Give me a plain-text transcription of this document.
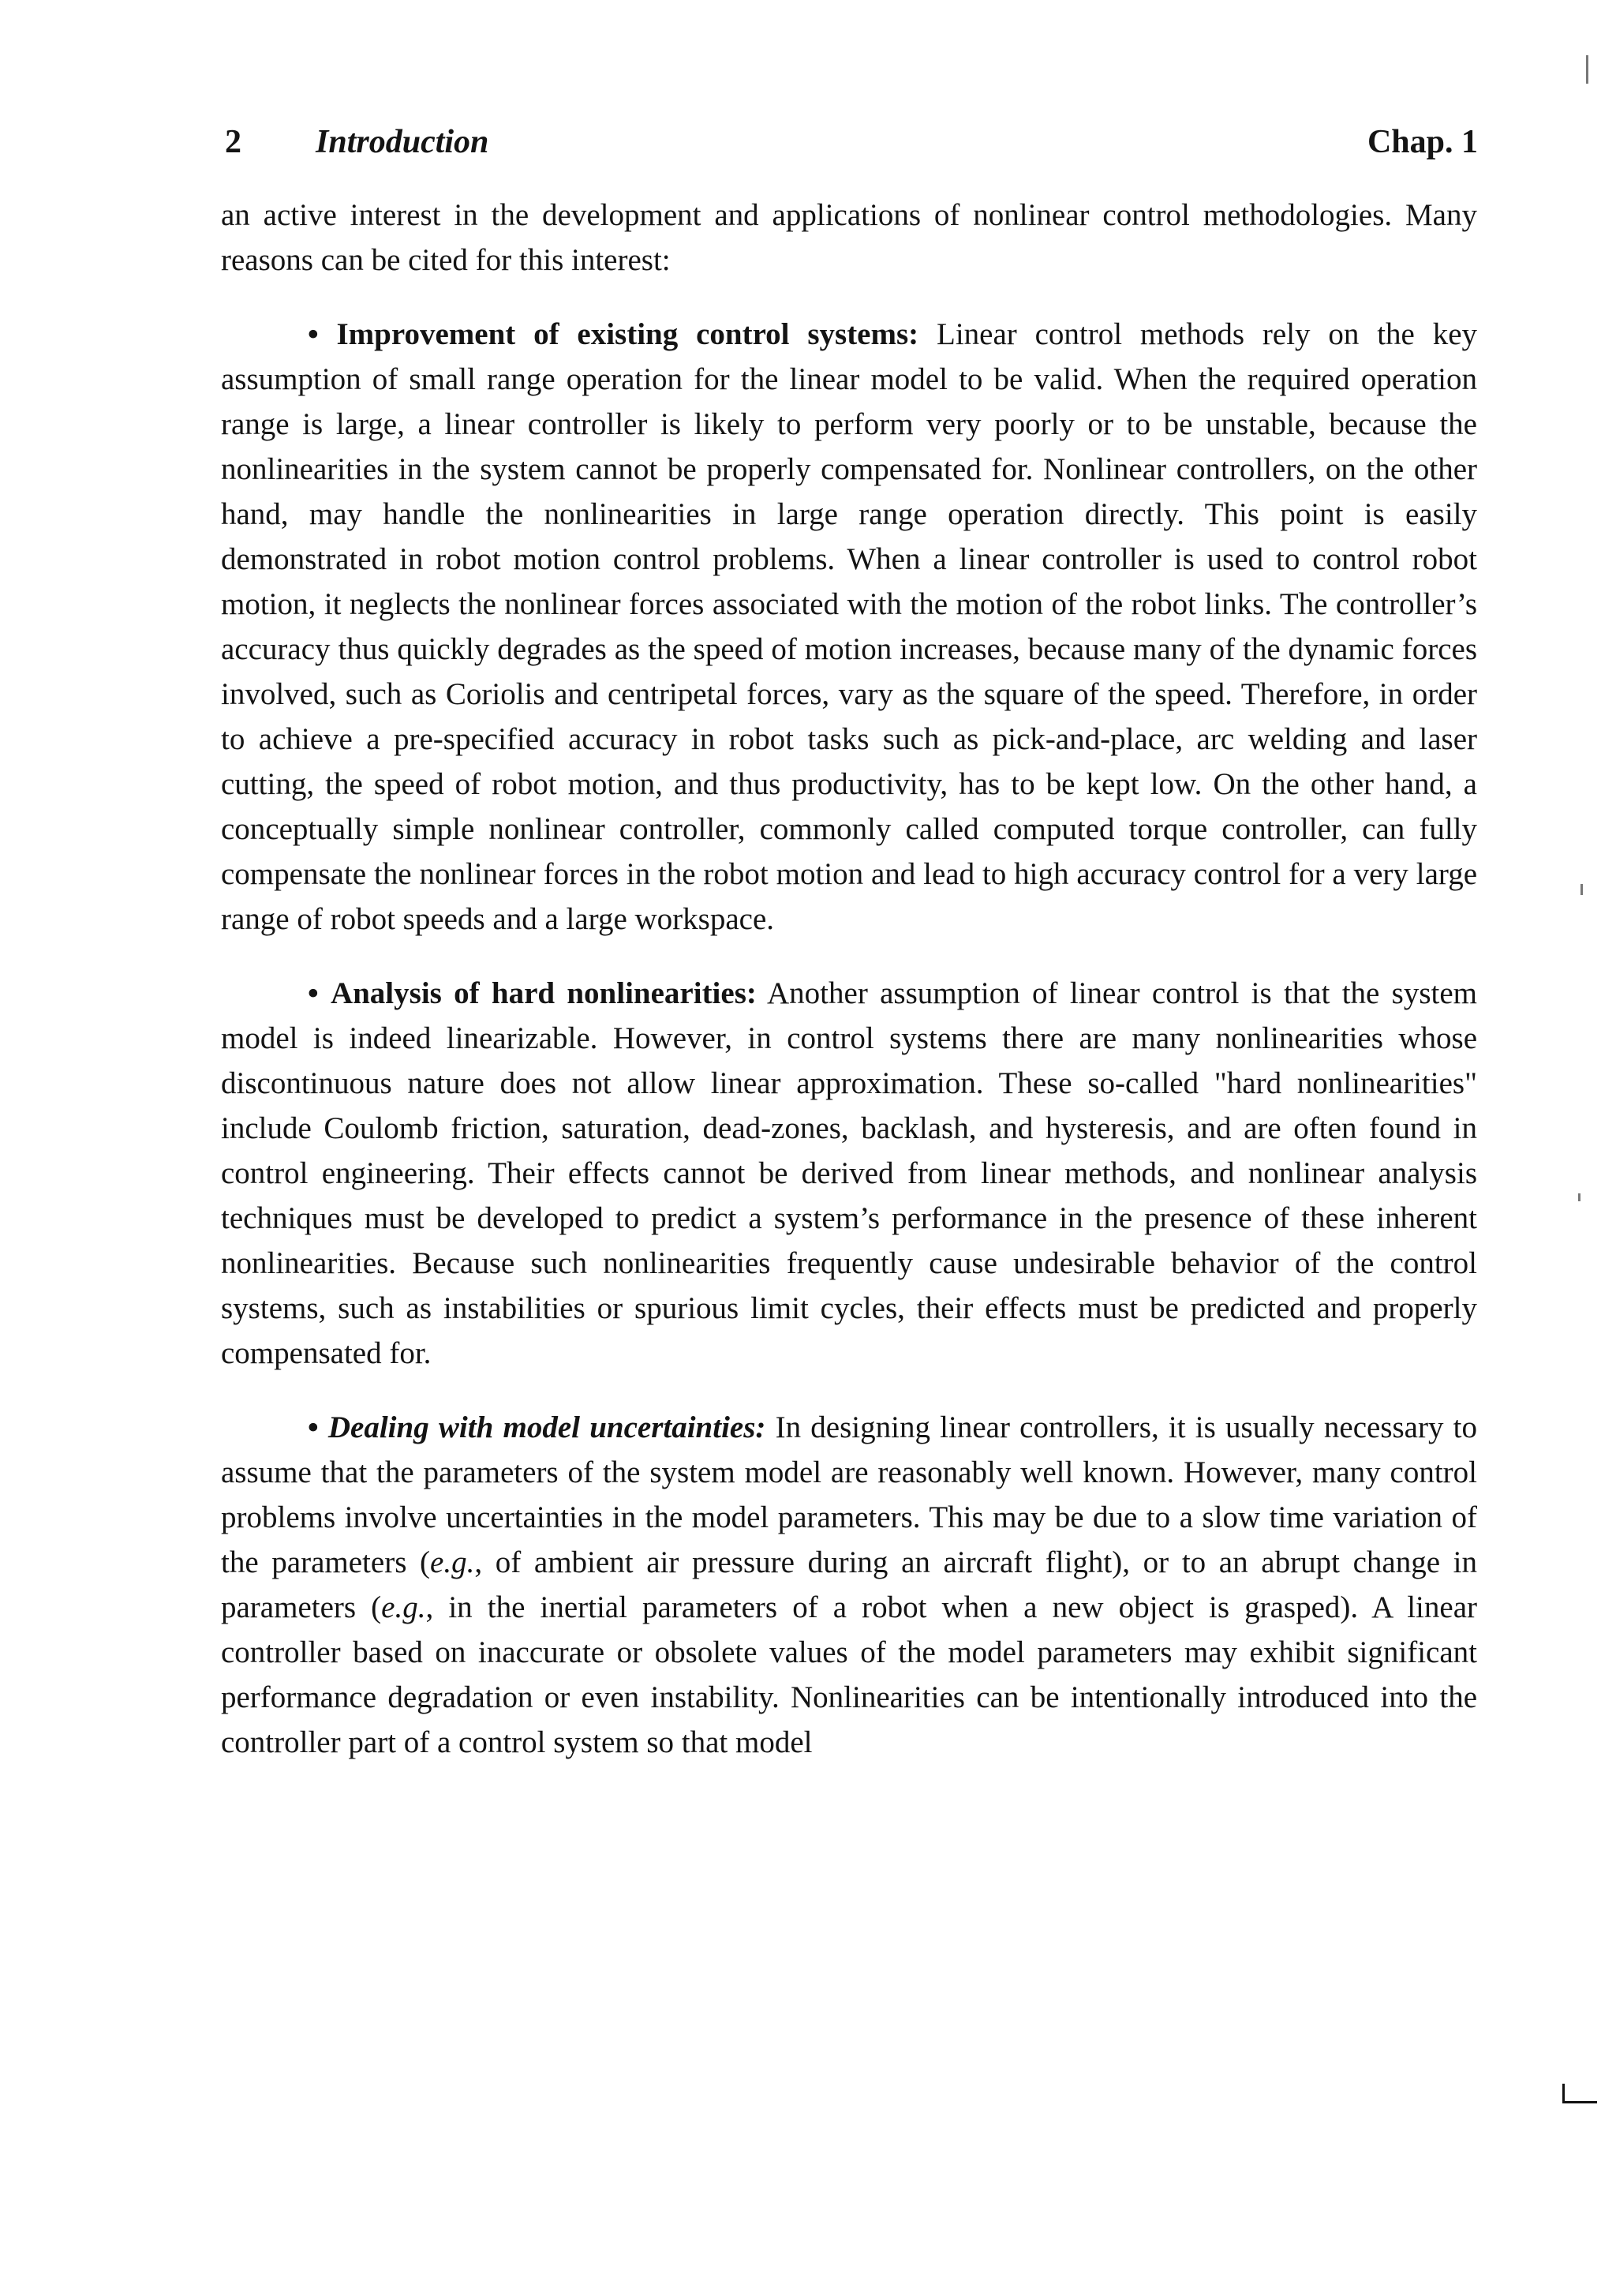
2 Introduction	Chap. 1

an active interest in the development and applications of nonlinear control methodologies. Many reasons can be cited for this interest:

• Improvement of existing control systems: Linear control methods rely on the key assumption of small range operation for the linear model to be valid. When the required operation range is large, a linear controller is likely to perform very poorly or to be unstable, because the nonlinearities in the system cannot be properly compensated for. Nonlinear controllers, on the other hand, may handle the nonlinearities in large range operation directly. This point is easily demonstrated in robot motion control problems. When a linear controller is used to control robot motion, it neglects the nonlinear forces associated with the motion of the robot links. The controller’s accuracy thus quickly degrades as the speed of motion increases, because many of the dynamic forces involved, such as Coriolis and centripetal forces, vary as the square of the speed. Therefore, in order to achieve a pre-specified accuracy in robot tasks such as pick-and-place, arc welding and laser cutting, the speed of robot motion, and thus productivity, has to be kept low. On the other hand, a conceptually simple nonlinear controller, commonly called computed torque controller, can fully compensate the nonlinear forces in the robot motion and lead to high accuracy control for a very large range of robot speeds and a large workspace.

• Analysis of hard nonlinearities: Another assumption of linear control is that the system model is indeed linearizable. However, in control systems there are many nonlinearities whose discontinuous nature does not allow linear approximation. These so-called "hard nonlinearities" include Coulomb friction, saturation, dead-zones, backlash, and hysteresis, and are often found in control engineering. Their effects cannot be derived from linear methods, and nonlinear analysis techniques must be developed to predict a system’s performance in the presence of these inherent nonlinearities. Because such nonlinearities frequently cause undesirable behavior of the control systems, such as instabilities or spurious limit cycles, their effects must be predicted and properly compensated for.

• Dealing with model uncertainties: In designing linear controllers, it is usually necessary to assume that the parameters of the system model are reasonably well known. However, many control problems involve uncertainties in the model parameters. This may be due to a slow time variation of the parameters (e.g., of ambient air pressure during an aircraft flight), or to an abrupt change in parameters (e.g., in the inertial parameters of a robot when a new object is grasped). A linear controller based on inaccurate or obsolete values of the model parameters may exhibit significant performance degradation or even instability. Nonlinearities can be intentionally introduced into the controller part of a control system so that model
